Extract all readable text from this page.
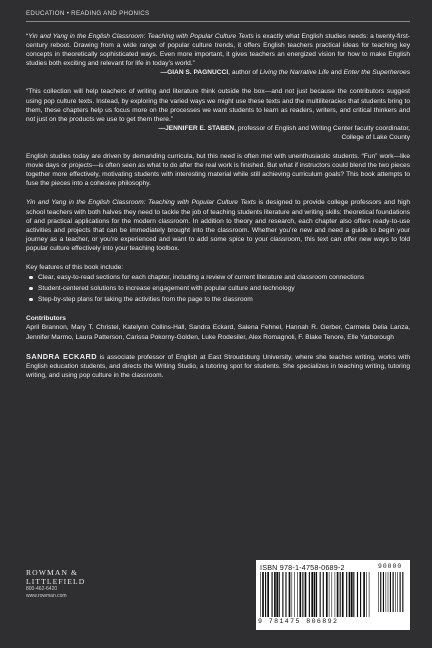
EDUCATION • READING AND PHONICS

“Yin and Yang in the English Classroom: Teaching with Popular Culture Texts is exactly what English studies needs: a twenty-first-century reboot. Drawing from a wide range of popular culture trends, it offers English teachers practical ideas for teaching key concepts in theoretically sophisticated ways. Even more important, it gives teachers an energized vision for how to make English studies both exciting and relevant for life in today’s world.”

—GIAN S. PAGNUCCI, author of Living the Narrative Life and Enter the Superheroes

“This collection will help teachers of writing and literature think outside the box—and not just because the contributors suggest using pop culture texts. Instead, by exploring the varied ways we might use these texts and the multiliteracies that students bring to them, these chapters help us focus more on the processes we want students to learn as readers, writers, and critical thinkers and not just on the products we use to get them there.”

—JENNIFER E. STABEN, professor of English and Writing Center faculty coordinator,
College of Lake County

English studies today are driven by demanding curricula, but this need is often met with unenthusiastic students. “Fun” work—like movie days or projects—is often seen as what to do after the real work is finished. But what if instructors could blend the two pieces together more effectively, motivating students with interesting material while still achieving curriculum goals? This book attempts to fuse the pieces into a cohesive philosophy.

Yin and Yang in the English Classroom: Teaching with Popular Culture Texts is designed to provide college professors and high school teachers with both halves they need to tackle the job of teaching students literature and writing skills: theoretical foundations of and practical applications for the modern classroom. In addition to theory and research, each chapter also offers ready-to-use activities and projects that can be immediately brought into the classroom. Whether you’re new and need a guide to begin your journey as a teacher, or you’re experienced and want to add some spice to your classroom, this text can offer new ways to fold popular culture effectively into your teaching toolbox.

Key features of this book include:

Clear, easy-to-read sections for each chapter, including a review of current literature and classroom connections
Student-centered solutions to increase engagement with popular culture and technology
Step-by-step plans for taking the activities from the page to the classroom

Contributors

April Brannon, Mary T. Christel, Katelynn Collins-Hall, Sandra Eckard, Salena Fehnel, Hannah R. Gerber, Carmela Delia Lanza, Jennifer Marmo, Laura Patterson, Carissa Pokorny-Golden, Luke Rodesiler, Alex Romagnoli, F. Blake Tenore, Elle Yarborough

SANDRA ECKARD is associate professor of English at East Stroudsburg University, where she teaches writing, works with English education students, and directs the Writing Studio, a tutoring spot for students. She specializes in teaching writing, tutoring writing, and using pop culture in the classroom.

ROWMAN &
LITTLEFIELD
800-462-6420
www.rowman.com
ISBN 978-1-4758-0689-2
9 781475 806892
90000
